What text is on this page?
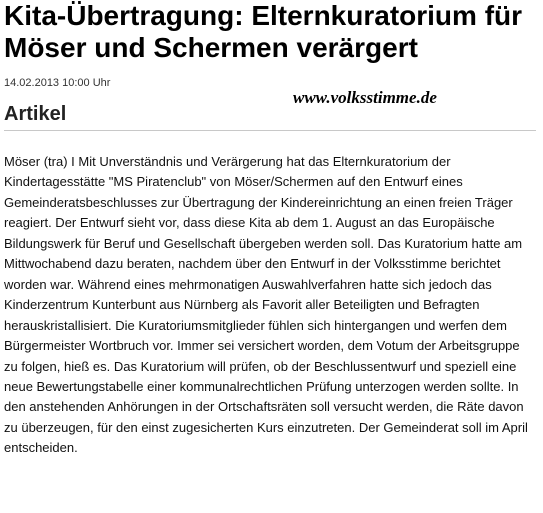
Kita-Übertragung: Elternkuratorium für Möser und Schermen verärgert
14.02.2013 10:00 Uhr
www.volksstimme.de
Artikel

Möser (tra) I Mit Unverständnis und Verärgerung hat das Elternkuratorium der Kindertagesstätte "MS Piratenclub" von Möser/Schermen auf den Entwurf eines Gemeinderatsbeschlusses zur Übertragung der Kindereinrichtung an einen freien Träger reagiert. Der Entwurf sieht vor, dass diese Kita ab dem 1. August an das Europäische Bildungswerk für Beruf und Gesellschaft übergeben werden soll. Das Kuratorium hatte am Mittwochabend dazu beraten, nachdem über den Entwurf in der Volksstimme berichtet worden war. Während eines mehrmonatigen Auswahlverfahren hatte sich jedoch das Kinderzentrum Kunterbunt aus Nürnberg als Favorit aller Beteiligten und Befragten herauskristallisiert. Die Kuratoriumsmitglieder fühlen sich hintergangen und werfen dem Bürgermeister Wortbruch vor. Immer sei versichert worden, dem Votum der Arbeitsgruppe zu folgen, hieß es. Das Kuratorium will prüfen, ob der Beschlussentwurf und speziell eine neue Bewertungstabelle einer kommunalrechtlichen Prüfung unterzogen werden sollte. In den anstehenden Anhörungen in der Ortschaftsräten soll versucht werden, die Räte davon zu überzeugen, für den einst zugesicherten Kurs einzutreten. Der Gemeinderat soll im April entscheiden.
